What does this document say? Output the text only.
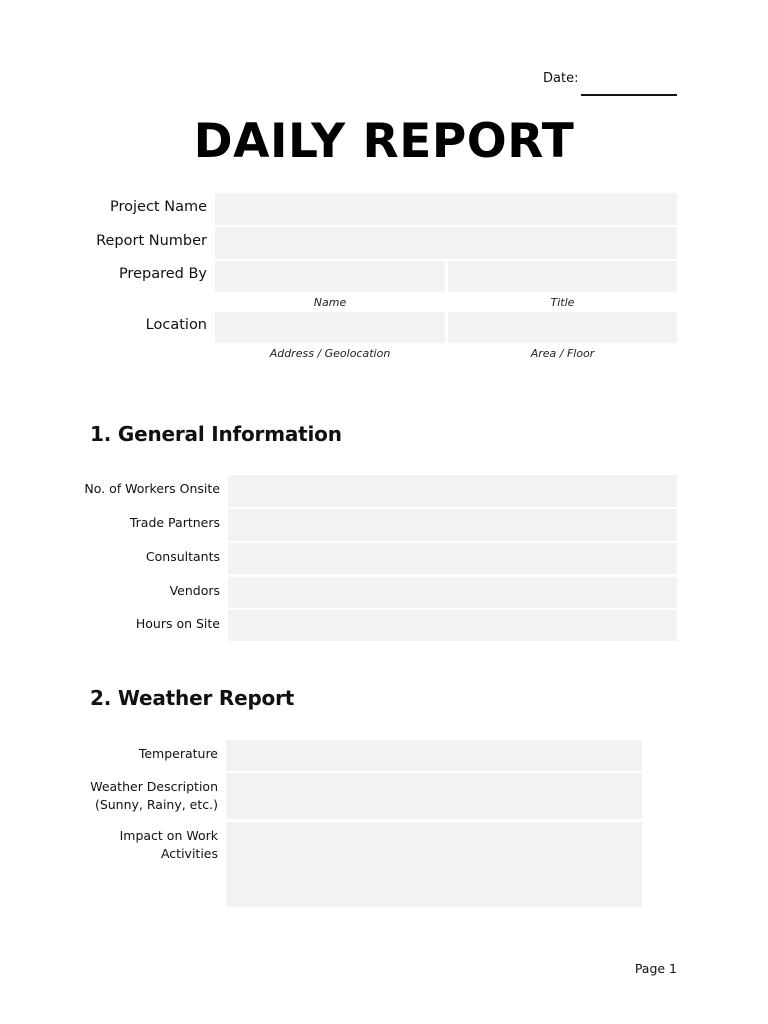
Date:
DAILY REPORT
Project Name
Report Number
Prepared By
Name	Title
Location
Address / Geolocation	Area / Floor
1. General Information
No. of Workers Onsite
Trade Partners
Consultants
Vendors
Hours on Site
2. Weather Report
Temperature
Weather Description
(Sunny, Rainy, etc.)
Impact on Work
Activities
Page 1
